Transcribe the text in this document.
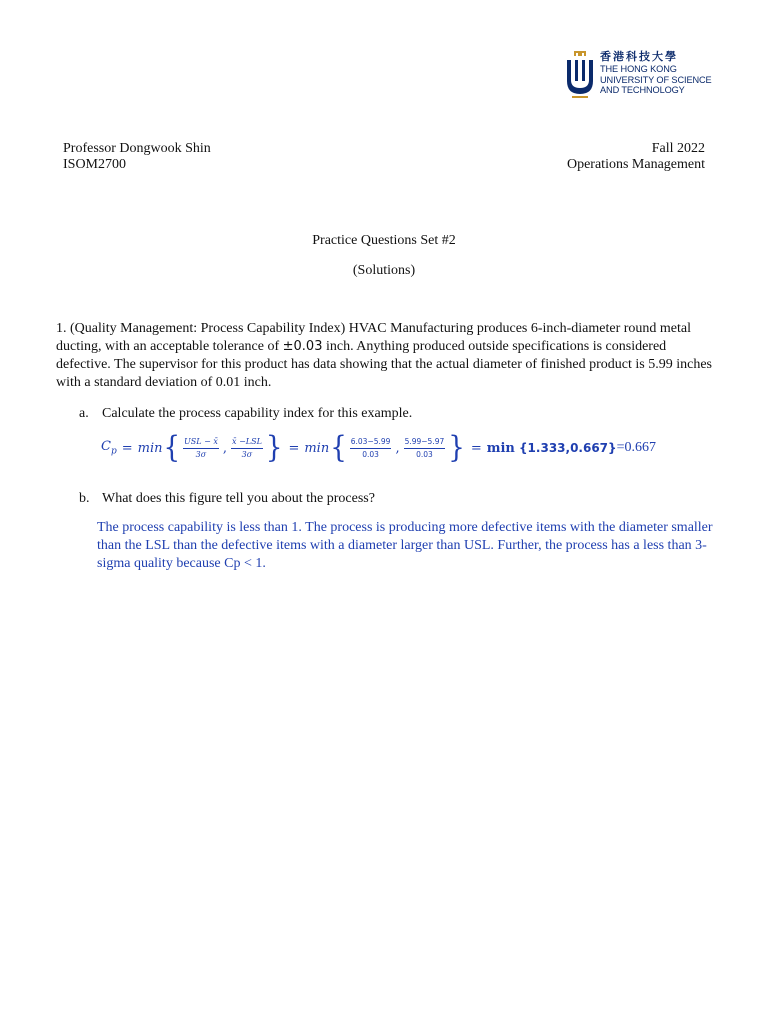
香港科技大學
THE HONG KONG
UNIVERSITY OF SCIENCE
AND TECHNOLOGY
Professor Dongwook Shin
ISOM2700
Fall 2022
Operations Management
Practice Questions Set #2
(Solutions)
1. (Quality Management: Process Capability Index) HVAC Manufacturing produces 6-inch-diameter round metal ducting, with an acceptable tolerance of ±0.03 inch. Anything produced outside specifications is considered defective. The supervisor for this product has data showing that the actual diameter of finished product is 5.99 inches with a standard deviation of 0.01 inch.
a. Calculate the process capability index for this example.
$C_p = \min$ { $\frac{\text{USL − x̄}}{3\sigma}$ , $\frac{\text{x̄ −LSL}}{3\sigma}$ } = min { $\frac{6.03-5.99}{0.03}$ , $\frac{5.99-5.97}{0.03}$ } = min
{1.333,0.667} =0.667
b. What does this figure tell you about the process?
The process capability is less than 1. The process is producing more defective items with the diameter smaller than the LSL than the defective items with a diameter larger than USL. Further, the process has a less than 3-sigma quality because Cp < 1.
